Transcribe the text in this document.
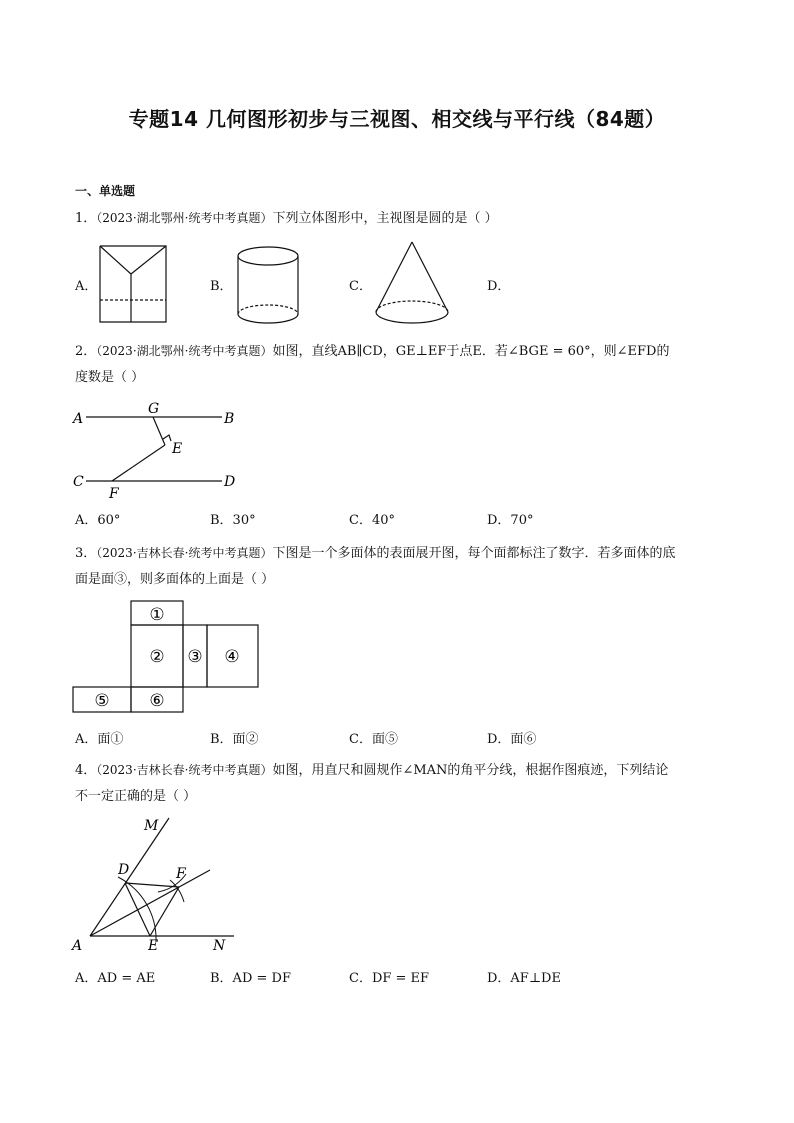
专题14 几何图形初步与三视图、相交线与平行线（84题）
一、单选题
1．（2023·湖北鄂州·统考中考真题）下列立体图形中，主视图是圆的是（ ）
A．	B．	C．	D．
2．（2023·湖北鄂州·统考中考真题）如图，直线AB∥CD，GE⊥EF于点E．若∠BGE = 60°，则∠EFD的
度数是（ ）
A	B
G
E
C	D
F
A．60°	B．30°	C．40°	D．70°
3．（2023·吉林长春·统考中考真题）下图是一个多面体的表面展开图，每个面都标注了数字．若多面体的底
面是面③，则多面体的上面是（ ）
①
② ③ ④
⑤ ⑥
A．面①	B．面②	C．面⑤	D．面⑥
4．（2023·吉林长春·统考中考真题）如图，用直尺和圆规作∠MAN的角平分线，根据作图痕迹，下列结论
不一定正确的是（ ）
M
D	F
A	E	N
A．AD = AE	B．AD = DF	C．DF = EF	D．AF⊥DE
